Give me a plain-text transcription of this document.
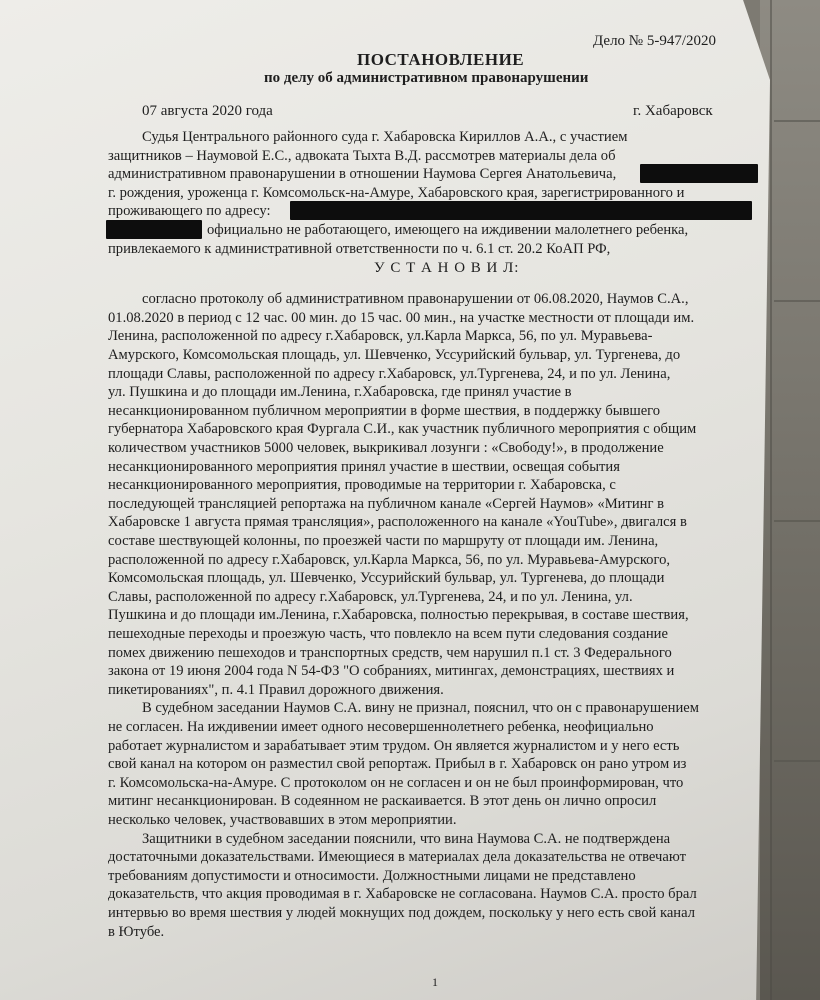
Дело № 5-947/2020
ПОСТАНОВЛЕНИЕ
по делу об административном правонарушении
07 августа 2020 года	г. Хабаровск
Судья Центрального районного суда г. Хабаровска Кириллов А.А., с участием
защитников – Наумовой Е.С., адвоката Тыхта В.Д. рассмотрев материалы дела об
административном правонарушении в отношении Наумова Сергея Анатольевича,
г. рождения, уроженца г. Комсомольск-на-Амуре, Хабаровского края, зарегистрированного и
проживающего по адресу:
официально не работающего, имеющего на иждивении малолетнего ребенка,
привлекаемого к административной ответственности по ч. 6.1 ст. 20.2 КоАП РФ,
У С Т А Н О В И Л:
согласно протоколу об административном правонарушении от 06.08.2020, Наумов С.А.,
01.08.2020 в период с 12 час. 00 мин. до 15 час. 00 мин., на участке местности от площади им.
Ленина, расположенной по адресу г.Хабаровск, ул.Карла Маркса, 56, по ул. Муравьева-
Амурского, Комсомольская площадь, ул. Шевченко, Уссурийский бульвар, ул. Тургенева, до
площади Славы, расположенной по адресу г.Хабаровск, ул.Тургенева, 24, и по ул. Ленина,
ул. Пушкина и до площади им.Ленина, г.Хабаровска, где принял участие в
несанкционированном публичном мероприятии в форме шествия, в поддержку бывшего
губернатора Хабаровского края Фургала С.И., как участник публичного мероприятия с общим
количеством участников 5000 человек, выкрикивал лозунги : «Свободу!», в продолжение
несанкционированного мероприятия принял участие в шествии, освещая события
несанкционированного мероприятия, проводимые на территории г. Хабаровска, с
последующей трансляцией репортажа на публичном канале «Сергей Наумов» «Митинг в
Хабаровске 1 августа прямая трансляция», расположенного на канале «YouTube», двигался в
составе шествующей колонны, по проезжей части по маршруту от площади им. Ленина,
расположенной по адресу г.Хабаровск, ул.Карла Маркса, 56, по ул. Муравьева-Амурского,
Комсомольская площадь, ул. Шевченко, Уссурийский бульвар, ул. Тургенева, до площади
Славы, расположенной по адресу г.Хабаровск, ул.Тургенева, 24, и по ул. Ленина, ул.
Пушкина и до площади им.Ленина, г.Хабаровска, полностью перекрывая, в составе шествия,
пешеходные переходы и проезжую часть, что повлекло на всем пути следования создание
помех движению пешеходов и транспортных средств, чем нарушил п.1 ст. 3 Федерального
закона от 19 июня 2004 года N 54-ФЗ "О собраниях, митингах, демонстрациях, шествиях и
пикетированиях", п. 4.1 Правил дорожного движения.
В судебном заседании Наумов С.А. вину не признал, пояснил, что он с правонарушением
не согласен. На иждивении имеет одного несовершеннолетнего ребенка, неофициально
работает журналистом и зарабатывает этим трудом. Он является журналистом и у него есть
свой канал на котором он разместил свой репортаж. Прибыл в г. Хабаровск он рано утром из
г. Комсомольска-на-Амуре. С протоколом он не согласен и он не был проинформирован, что
митинг несанкционирован. В содеянном не раскаивается. В этот день он лично опросил
несколько человек, участвовавших в этом мероприятии.
Защитники в судебном заседании пояснили, что вина Наумова С.А. не подтверждена
достаточными доказательствами. Имеющиеся в материалах дела доказательства не отвечают
требованиям допустимости и относимости. Должностными лицами не представлено
доказательств, что акция проводимая в г. Хабаровске не согласована. Наумов С.А. просто брал
интервью во время шествия у людей мокнущих под дождем, поскольку у него есть свой канал
в Ютубе.
1
